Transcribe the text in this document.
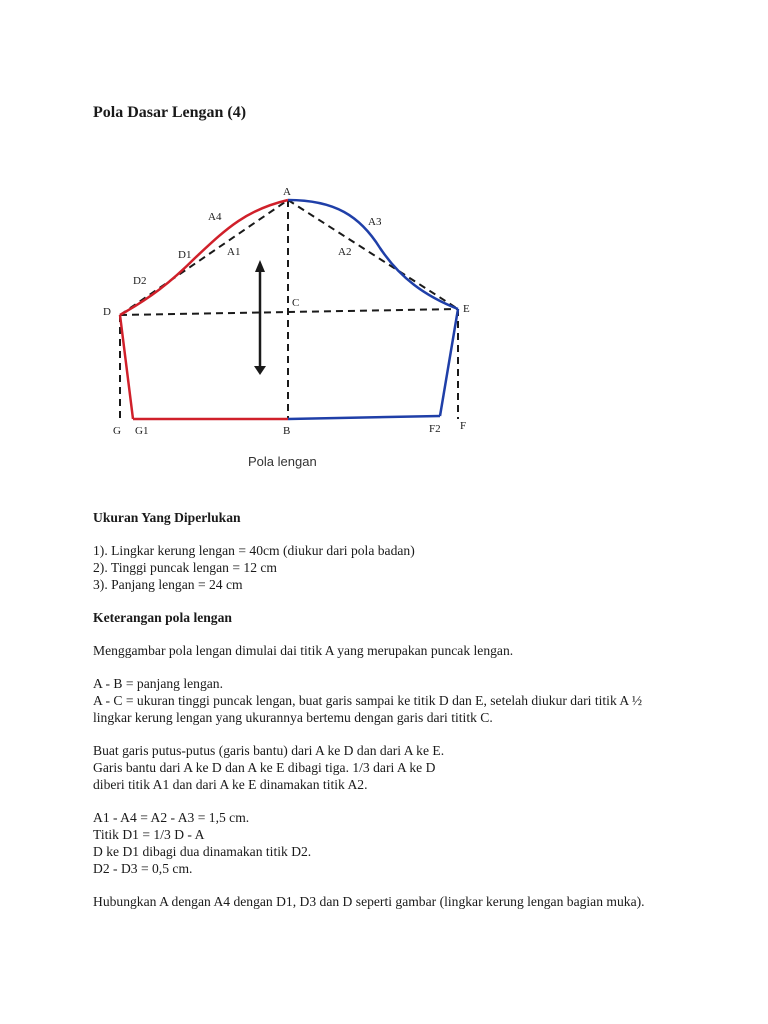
Pola Dasar Lengan (4)
A
A4	A3
D1	A1	A2
D2
D
C	E
G G1	B	F2 F
Pola lengan
Ukuran Yang Diperlukan

1). Lingkar kerung lengan = 40cm (diukur dari pola badan)
2). Tinggi puncak lengan = 12 cm
3). Panjang lengan = 24 cm

Keterangan pola lengan

Menggambar pola lengan dimulai dai titik A yang merupakan puncak lengan.

A - B = panjang lengan.
A - C = ukuran tinggi puncak lengan, buat garis sampai ke titik D dan E, setelah diukur dari titik A ½ lingkar kerung lengan yang ukurannya bertemu dengan garis dari tititk C.

Buat garis putus-putus (garis bantu) dari A ke D dan dari A ke E.
Garis bantu dari A ke D dan A ke E dibagi tiga. 1/3 dari A ke D
diberi titik A1 dan dari A ke E dinamakan titik A2.

A1 - A4 = A2 - A3 = 1,5 cm.
Titik D1 = 1/3 D - A
D ke D1 dibagi dua dinamakan titik D2.
D2 - D3 = 0,5 cm.

Hubungkan A dengan A4 dengan D1, D3 dan D seperti gambar (lingkar kerung lengan bagian muka).
